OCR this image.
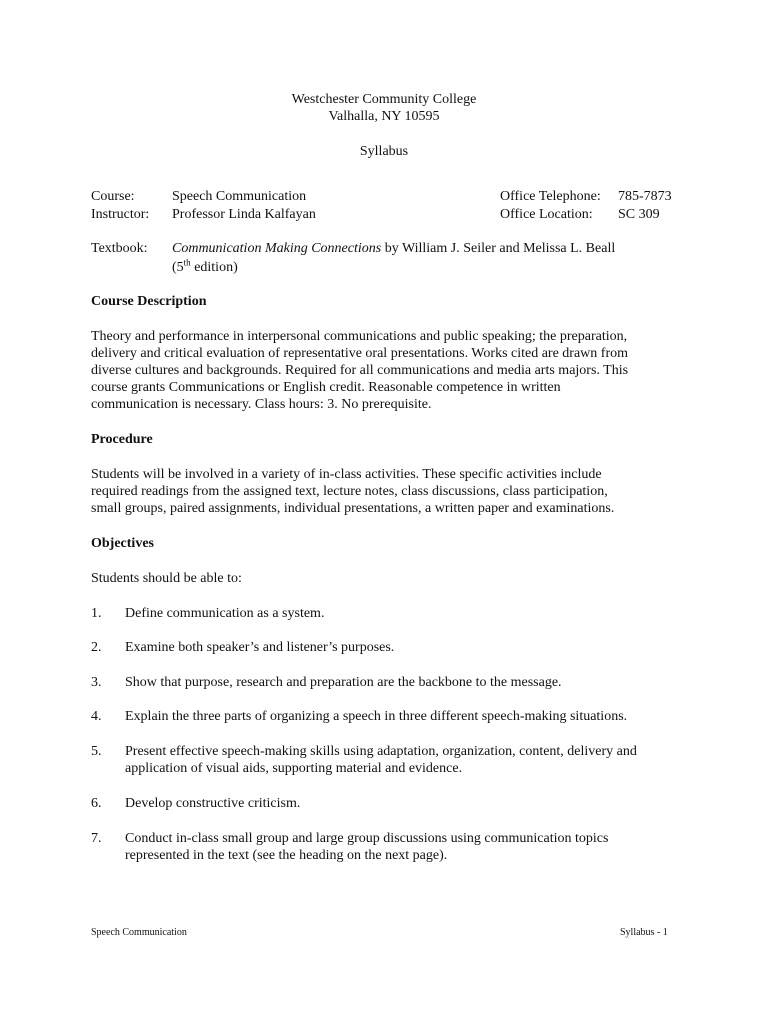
Westchester Community College
Valhalla, NY 10595
Syllabus
Course:	Speech Communication	Office Telephone: 785-7873
Instructor: Professor Linda Kalfayan	Office Location: SC 309
Textbook: Communication Making Connections by William J. Seiler and Melissa L. Beall
(5th edition)
Course Description
Theory and performance in interpersonal communications and public speaking; the preparation,
delivery and critical evaluation of representative oral presentations. Works cited are drawn from
diverse cultures and backgrounds. Required for all communications and media arts majors. This
course grants Communications or English credit. Reasonable competence in written
communication is necessary. Class hours: 3. No prerequisite.
Procedure
Students will be involved in a variety of in-class activities. These specific activities include
required readings from the assigned text, lecture notes, class discussions, class participation,
small groups, paired assignments, individual presentations, a written paper and examinations.
Objectives
Students should be able to:
1. Define communication as a system.
2. Examine both speaker’s and listener’s purposes.
3. Show that purpose, research and preparation are the backbone to the message.
4. Explain the three parts of organizing a speech in three different speech-making situations.
5. Present effective speech-making skills using adaptation, organization, content, delivery and
application of visual aids, supporting material and evidence.
6. Develop constructive criticism.
7. Conduct in-class small group and large group discussions using communication topics
represented in the text (see the heading on the next page).
Speech Communication	Syllabus - 1
